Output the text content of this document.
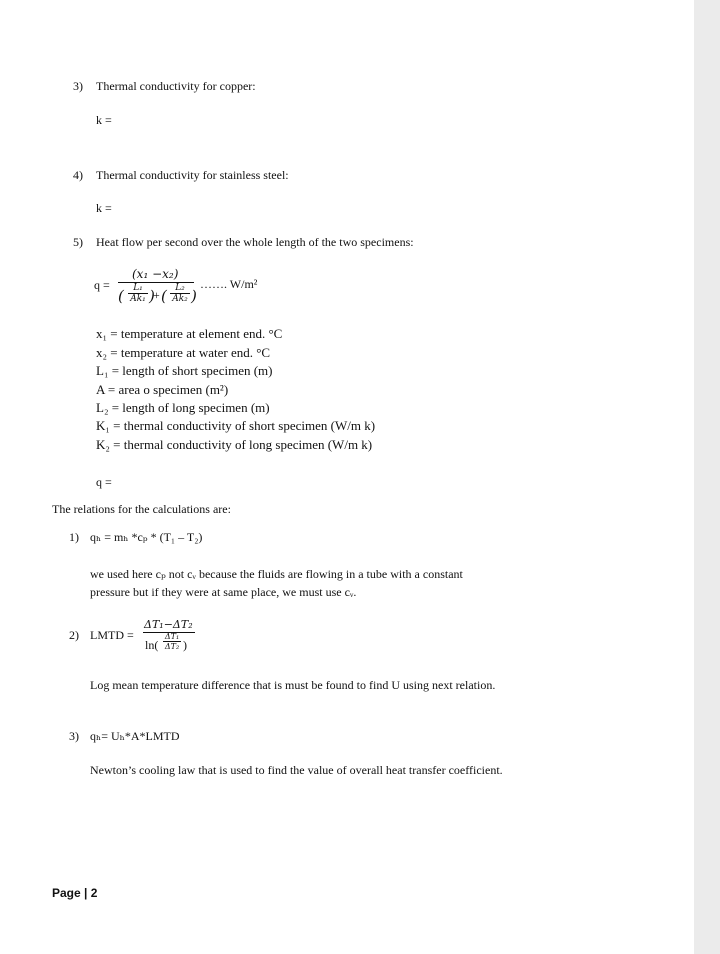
3) Thermal conductivity for copper:
k =
4) Thermal conductivity for stainless steel:
k =
5) Heat flow per second over the whole length of the two specimens:
q =
(x₁ −x₂)
(	L₁
Ak₁ )
+ ( L₂
Ak₂ )
……. W/m²
x₁ = temperature at element end. °C
x₂ = temperature at water end. °C
L₁ = length of short specimen (m)
A = area o specimen (m²)
L₂ = length of long specimen (m)
K₁ = thermal conductivity of short specimen (W/m k)
K₂ = thermal conductivity of long specimen (W/m k)
q =
The relations for the calculations are:
1) qₕ = mₕ *cₚ * (T₁ – T₂)
we used here cₚ not cᵥ because the fluids are flowing in a tube with a constant
pressure but if they were at same place, we must use cᵥ.
2) LMTD =
ΔT₁−ΔT₂
ln(
ΔT₁
ΔT₂ )
Log mean temperature difference that is must be found to find U using next relation.
3) qₕ= Uₕ*A*LMTD
Newton’s cooling law that is used to find the value of overall heat transfer coefficient.
Page | 2
